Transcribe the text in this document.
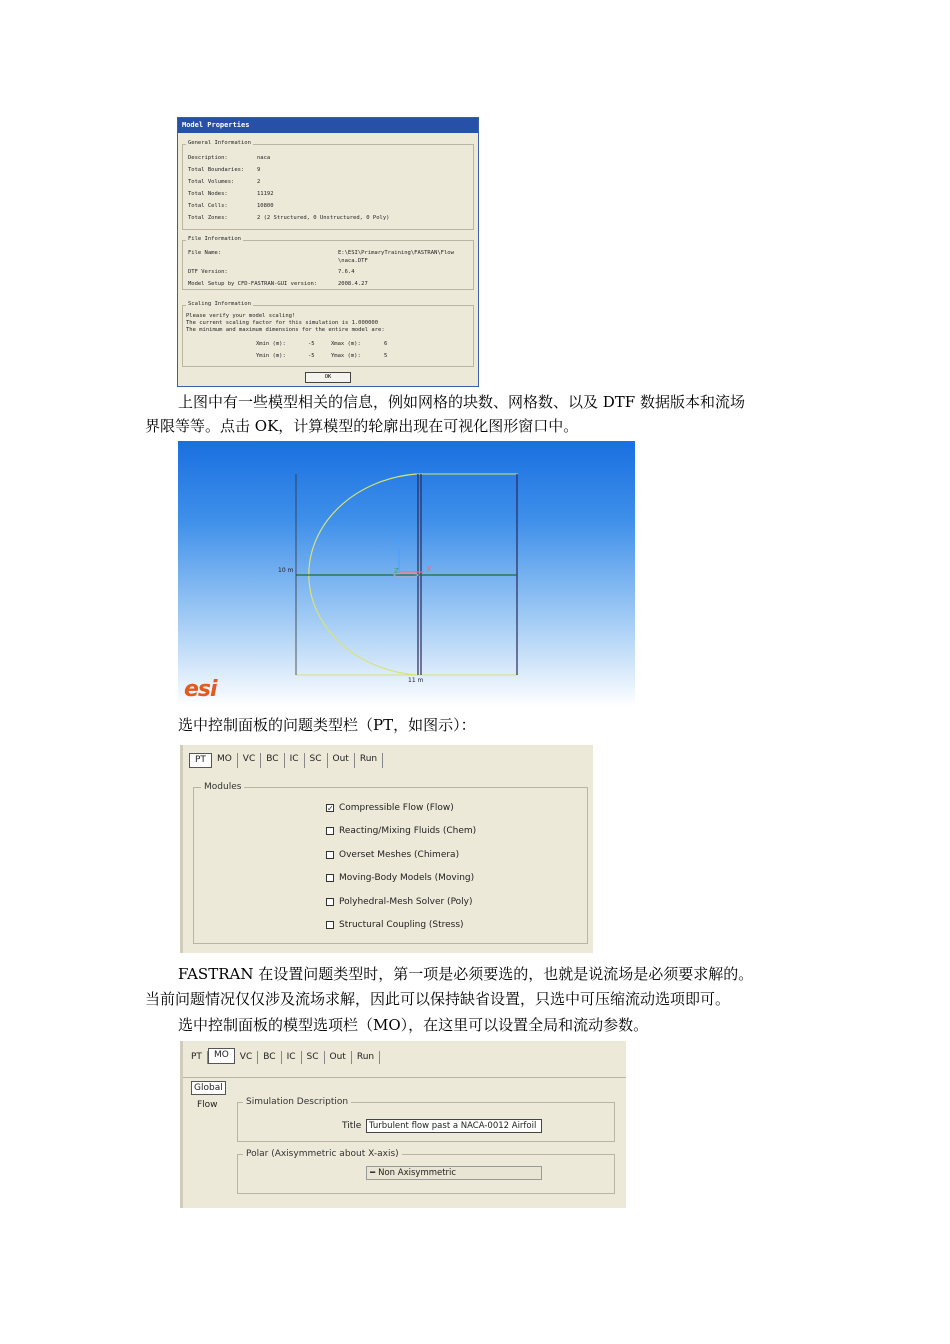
Model Properties
General Information
Description:	naca
Total Boundaries: 9
Total Volumes:	2
Total Nodes:	11192
Total Cells:	10800
Total Zones:	2 (2 Structured, 0 Unstructured, 0 Poly)
File Information
File Name:	E:\ESI\PrimaryTraining\FASTRAN\Flow
\naca.DTF
DTF Version:	7.6.4
Model Setup by CFD-FASTRAN-GUI version:	2008.4.27
Scaling Information
Please verify your model scaling!
The current scaling factor for this simulation is 1.000000
The minimum and maximum dimensions for the entire model are:
Xmin (m):	-5	Xmax (m):	6
Ymin (m):	-5	Ymax (m):	5
OK
上图中有一些模型相关的信息，例如网格的块数、网格数、以及 DTF 数据版本和流场
界限等等。点击 OK，计算模型的轮廓出现在可视化图形窗口中。
10 m
11 m
Y
X
Z
esi
选中控制面板的问题类型栏（PT，如图示）：
PT	MO	VC	BC	IC	SC	Out	Run
Modules
✓ Compressible Flow (Flow)
Reacting/Mixing Fluids (Chem)
Overset Meshes (Chimera)
Moving-Body Models (Moving)
Polyhedral-Mesh Solver (Poly)
Structural Coupling (Stress)
FASTRAN 在设置问题类型时，第一项是必须要选的，也就是说流场是必须要求解的。
当前问题情况仅仅涉及流场求解，因此可以保持缺省设置，只选中可压缩流动选项即可。
选中控制面板的模型选项栏（MO），在这里可以设置全局和流动参数。
PT	MO	VC	BC	IC	SC	Out	Run
Global
Flow	Simulation Description
Title Turbulent flow past a NACA-0012 Airfoil
Polar (Axisymmetric about X-axis)
━ Non Axisymmetric
